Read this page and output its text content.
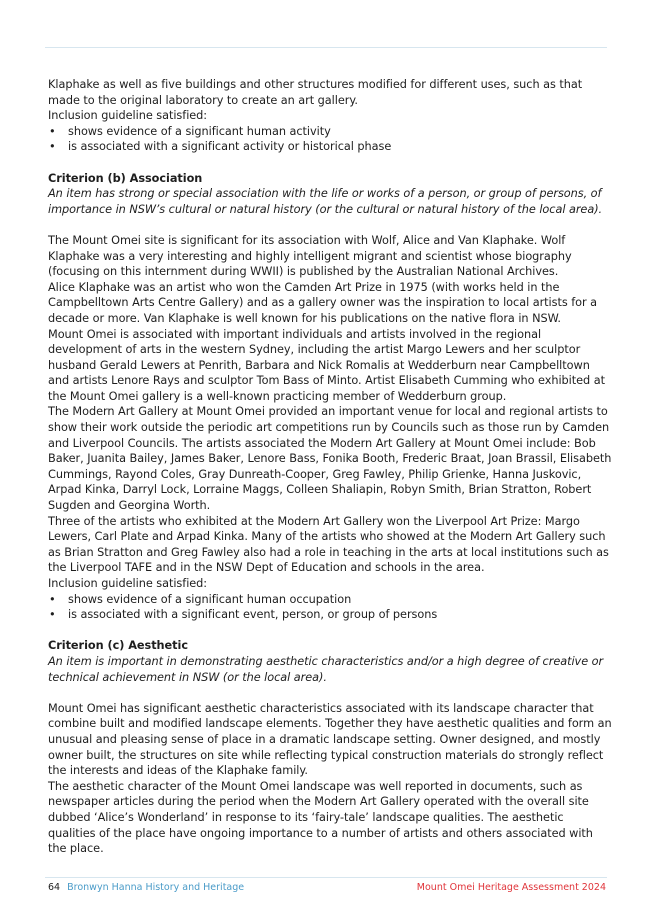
Klaphake as well as five buildings and other structures modified for different uses, such as that made to the original laboratory to create an art gallery.

Inclusion guideline satisfied:

• shows evidence of a significant human activity
• is associated with a significant activity or historical phase

Criterion (b) Association

An item has strong or special association with the life or works of a person, or group of persons, of importance in NSW’s cultural or natural history (or the cultural or natural history of the local area).

The Mount Omei site is significant for its association with Wolf, Alice and Van Klaphake. Wolf Klaphake was a very interesting and highly intelligent migrant and scientist whose biography (focusing on this internment during WWII) is published by the Australian National Archives.

Alice Klaphake was an artist who won the Camden Art Prize in 1975 (with works held in the Campbelltown Arts Centre Gallery) and as a gallery owner was the inspiration to local artists for a decade or more. Van Klaphake is well known for his publications on the native flora in NSW.

Mount Omei is associated with important individuals and artists involved in the regional development of arts in the western Sydney, including the artist Margo Lewers and her sculptor husband Gerald Lewers at Penrith, Barbara and Nick Romalis at Wedderburn near Campbelltown and artists Lenore Rays and sculptor Tom Bass of Minto. Artist Elisabeth Cumming who exhibited at the Mount Omei gallery is a well-known practicing member of Wedderburn group.

The Modern Art Gallery at Mount Omei provided an important venue for local and regional artists to show their work outside the periodic art competitions run by Councils such as those run by Camden and Liverpool Councils. The artists associated the Modern Art Gallery at Mount Omei include: Bob Baker, Juanita Bailey, James Baker, Lenore Bass, Fonika Booth, Frederic Braat, Joan Brassil, Elisabeth Cummings, Rayond Coles, Gray Dunreath-Cooper, Greg Fawley, Philip Grienke, Hanna Juskovic, Arpad Kinka, Darryl Lock, Lorraine Maggs, Colleen Shaliapin, Robyn Smith, Brian Stratton, Robert Sugden and Georgina Worth.

Three of the artists who exhibited at the Modern Art Gallery won the Liverpool Art Prize: Margo Lewers, Carl Plate and Arpad Kinka. Many of the artists who showed at the Modern Art Gallery such as Brian Stratton and Greg Fawley also had a role in teaching in the arts at local institutions such as the Liverpool TAFE and in the NSW Dept of Education and schools in the area.

Inclusion guideline satisfied:

• shows evidence of a significant human occupation
• is associated with a significant event, person, or group of persons

Criterion (c) Aesthetic

An item is important in demonstrating aesthetic characteristics and/or a high degree of creative or technical achievement in NSW (or the local area).

Mount Omei has significant aesthetic characteristics associated with its landscape character that combine built and modified landscape elements. Together they have aesthetic qualities and form an unusual and pleasing sense of place in a dramatic landscape setting. Owner designed, and mostly owner built, the structures on site while reflecting typical construction materials do strongly reflect the interests and ideas of the Klaphake family.

The aesthetic character of the Mount Omei landscape was well reported in documents, such as newspaper articles during the period when the Modern Art Gallery operated with the overall site dubbed ‘Alice’s Wonderland’ in response to its ‘fairy-tale’ landscape qualities. The aesthetic qualities of the place have ongoing importance to a number of artists and others associated with the place.

64 Bronwyn Hanna History and Heritage	Mount Omei Heritage Assessment 2024
